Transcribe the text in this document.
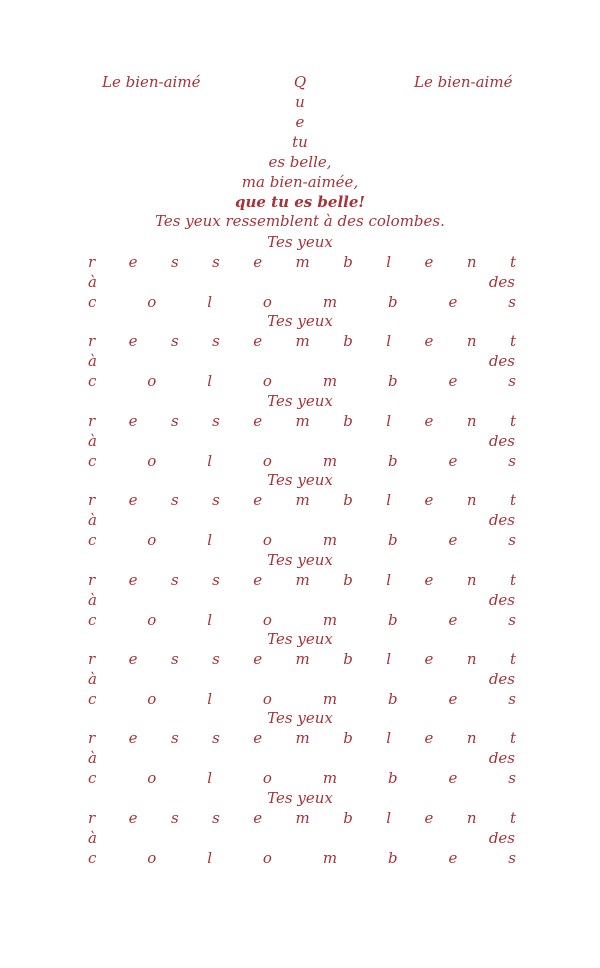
Le bien-aimé	Le bien-aimé
Q
u
e
tu
es belle,
ma bien-aimée,
que tu es belle!
Tes yeux ressemblent à des colombes.
Tes yeux
r e s s e m b l e n t
à	des
c	o	l	o	m	b	e	s
Tes yeux
r e s s e m b l e n t
à	des
c	o	l	o	m	b	e	s
Tes yeux
r e s s e m b l e n t
à	des
c	o	l	o	m	b	e	s
Tes yeux
r e s s e m b l e n t
à	des
c	o	l	o	m	b	e	s
Tes yeux
r e s s e m b l e n t
à	des
c	o	l	o	m	b	e	s
Tes yeux
r e s s e m b l e n t
à	des
c	o	l	o	m	b	e	s
Tes yeux
r e s s e m b l e n t
à	des
c	o	l	o	m	b	e	s
Tes yeux
r e s s e m b l e n t
à	des
c	o	l	o	m	b	e	s
